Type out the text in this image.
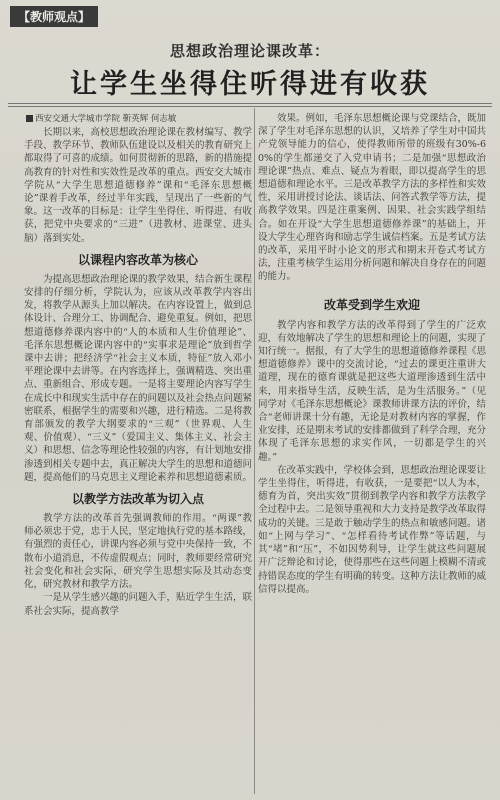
【教师观点】
思想政治理论课改革：
让学生坐得住听得进有收获
西安交通大学城市学院 靳英辉 何志敏

长期以来，高校思想政治理论课在教材编写、教学手段、教学环节、教师队伍建设以及相关的教育研究上都取得了可喜的成绩。如何贯彻新的思路，新的措施提高教育的针对性和实效性是改革的重点。西安交大城市学院从“大学生思想道德修养”课和“毛泽东思想概论”课着手改革，经过半年实践，呈现出了一些新的气象。这一改革的目标是：让学生坐得住、听得进、有收获，把党中央要求的“三进”（进教材、进课堂、进头脑）落到实处。

以课程内容改革为核心

为提高思想政治理论课的教学效果，结合新生课程安排的仔细分析，学院认为，应该从改革教学内容出发，将教学从源头上加以解决。在内容设置上，做到总体设计、合理分工、协调配合、避免重复。例如，把思想道德修养课内容中的“人的本质和人生价值理论”、毛泽东思想概论课内容中的“实事求是理论”放到哲学课中去讲；把经济学“社会主义本质，特征”放入邓小平理论课中去讲等。在内容选择上，强调精选、突出重点、重新组合、形成专题。一是将主要理论内容写学生在成长中和现实生活中存在的问题以及社会热点问题紧密联系，根据学生的需要和兴趣，进行精选。二是将教育部颁发的教学大纲要求的“三观”（世界观、人生观、价值观）、“三义”（爱国主义、集体主义、社会主义）和思想、信念等理论性较强的内容，有计划地安排渗透到相关专题中去，真正解决大学生的思想和道德问题，提高他们的马克思主义理论素养和思想道德素质。

以教学方法改革为切入点

教学方法的改革首先强调教师的作用。“两课”教师必须忠于党，忠于人民，坚定地执行党的基本路线，有强烈的责任心，讲课内容必须与党中央保持一致，不散布小道消息，不传虚假观点；同时，教师要经常研究社会变化和社会实际，研究学生思想实际及其动态变化，研究教材和教学方法。

一是从学生感兴趣的问题入手，贴近学生生活，联系社会实际，提高教学

效果。例如，毛泽东思想概论课与党课结合，既加深了学生对毛泽东思想的认识，又培养了学生对中国共产党领导能力的信心，使得教师所带的班级有30%-60%的学生都递交了入党申请书；二是加强“思想政治理论课”热点、难点、疑点为着眼，即以提高学生的思想道德和理论水平。三是改革教学方法的多样性和实效性，采用讲授讨论法、谈话法、问答式教学等方法，提高教学效果。四是注重案例、因果、社会实践学组结合。如在开设“大学生思想道德修养课”的基础上，开设大学生心理咨询和励志学生诚信档案。五是考试方法的改革，采用平时小论文的形式和期末开卷式考试方法，注重考核学生运用分析问题和解决自身存在的问题的能力。

改革受到学生欢迎

教学内容和教学方法的改革得到了学生的广泛欢迎，有效地解决了学生的思想和理论上的问题，实现了知行统一。据报，有了大学生的思想道德修养课程《思想道德修养》课中的交流讨论，“过去的课更注重讲大道理，现在的德育课就是把这些大道理渗透到生活中来，用来指导生活，反映生活，是为生活服务。”（见同学对《毛泽东思想概论》课教师讲课方法的评价，结合“老师讲课十分有趣，无论是对教材内容的掌握，作业安排，还是期末考试的安排都做到了科学合理，充分体现了毛泽东思想的求实作风，一切都是学生的兴趣。”

在改革实践中，学校体会到，思想政治理论课要让学生坐得住，听得进，有收获，一是要把“以人为本，德育为首，突出实效”贯彻到教学内容和教学方法教学全过程中去。二是领导重视和大力支持是教学改革取得成功的关键。三是敢于触动学生的热点和敏感问题。诸如“上网与学习”、“怎样看待考试作弊”等话题，与其“堵”和“压”，不如因势利导，让学生就这些问题展开广泛辩论和讨论，使得那些在这些问题上模糊不清或持错误态度的学生有明确的转变。这种方法让教师的威信得以提高。
